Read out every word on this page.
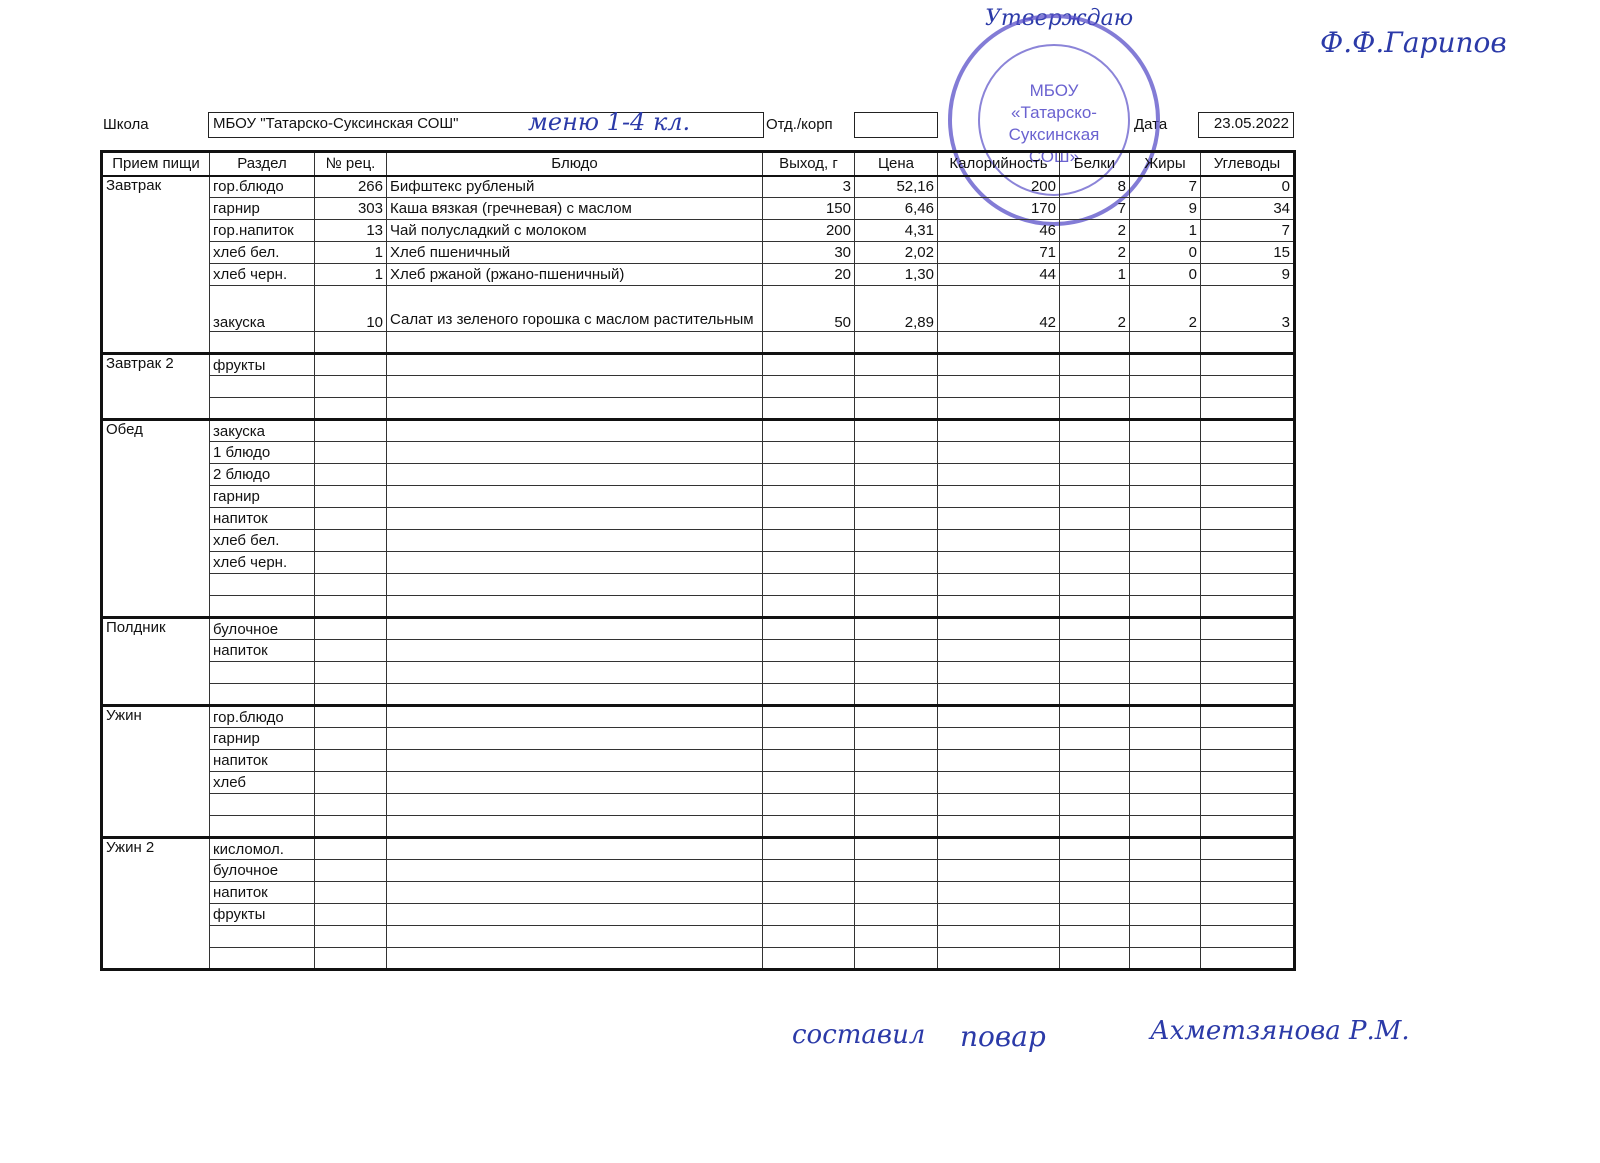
Школа	МБОУ "Татарско-Суксинская СОШ"	Отд./корп	Дата	23.05.2022
меню 1-4 кл.
Утверждаю
Ф.Ф.Гарипов
составил повар	Ахметзянова Р.М.
МБОУ
«Татарско-
Суксинская
СОШ»
Прием пищи	Раздел	№ рец.	Блюдо	Выход, г	Цена	Калорийность	Белки	Жиры	Углеводы
Завтрак	гор.блюдо	266	Бифштекс рубленый	3	52,16	200	8	7	0
	гарнир	303	Каша вязкая (гречневая) с маслом	150	6,46	170	7	9	34
	гор.напиток	13	Чай полусладкий с молоком	200	4,31	46	2	1	7
	хлеб бел.	1	Хлеб пшеничный	30	2,02	71	2	0	15
	хлеб черн.	1	Хлеб ржаной (ржано-пшеничный)	20	1,30	44	1	0	9
	закуска	10	Салат из зеленого горошка с маслом растительным	50	2,89	42	2	2	3

Завтрак 2	фрукты								

Обед	закуска								
	1 блюдо								
	2 блюдо								
	гарнир								
	напиток								
	хлеб бел.								
	хлеб черн.								

Полдник	булочное								
	напиток								

Ужин	гор.блюдо								
	гарнир								
	напиток								
	хлеб								

Ужин 2	кисломол.								
	булочное								
	напиток								
	фрукты								
